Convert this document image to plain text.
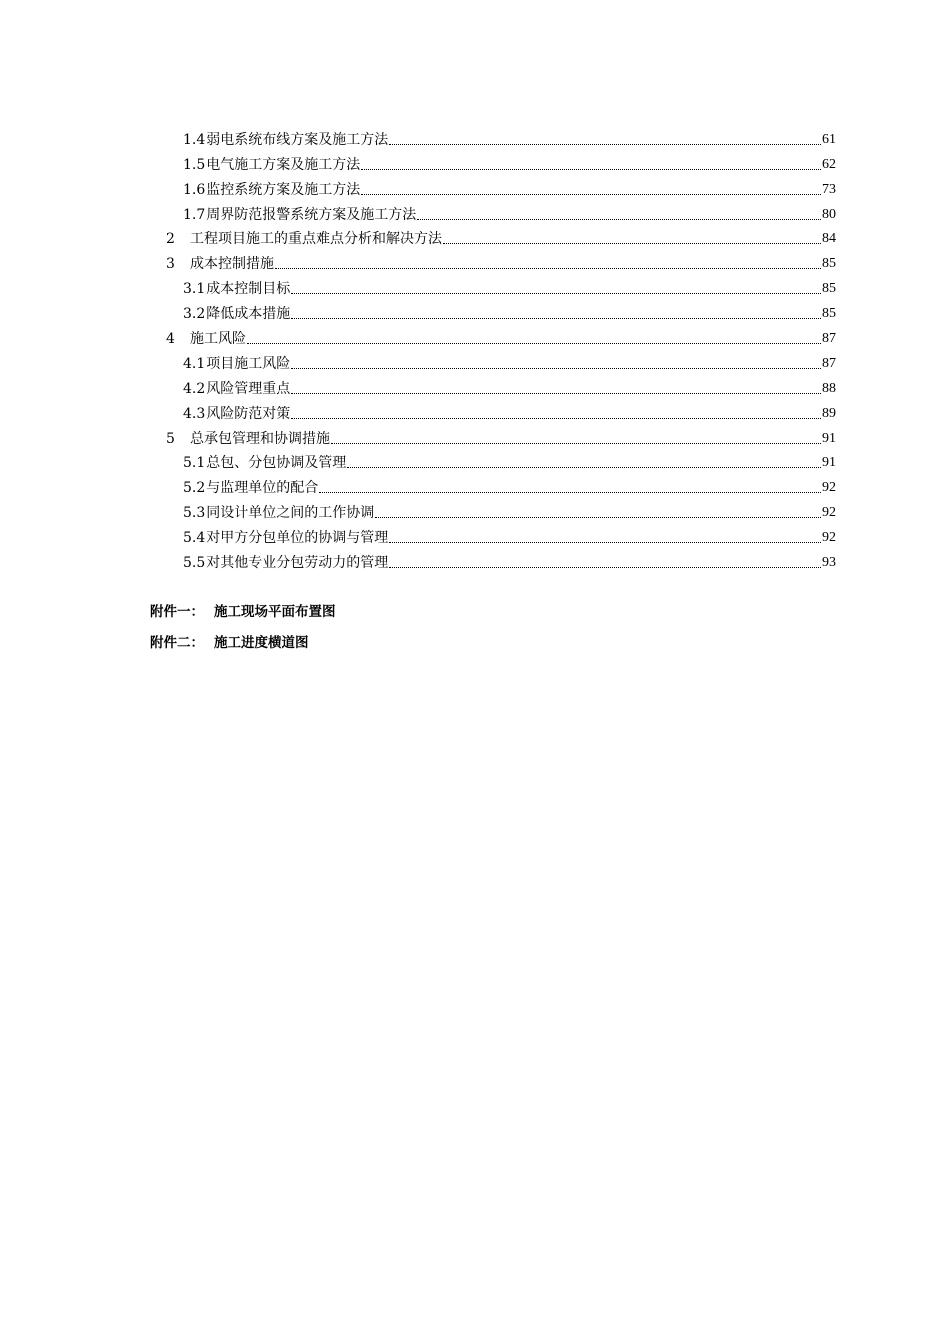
1.4弱电系统布线方案及施工方法	61
1.5电气施工方案及施工方法	62
1.6监控系统方案及施工方法	73
1.7周界防范报警系统方案及施工方法	80
2 工程项目施工的重点难点分析和解决方法	84
3 成本控制措施	85
3.1成本控制目标	85
3.2降低成本措施	85
4 施工风险	87
4.1项目施工风险	87
4.2风险管理重点	88
4.3风险防范对策	89
5 总承包管理和协调措施	91
5.1总包、分包协调及管理	91
5.2与监理单位的配合	92
5.3同设计单位之间的工作协调	92
5.4对甲方分包单位的协调与管理	92
5.5对其他专业分包劳动力的管理	93
附件一： 施工现场平面布置图
附件二： 施工进度横道图
